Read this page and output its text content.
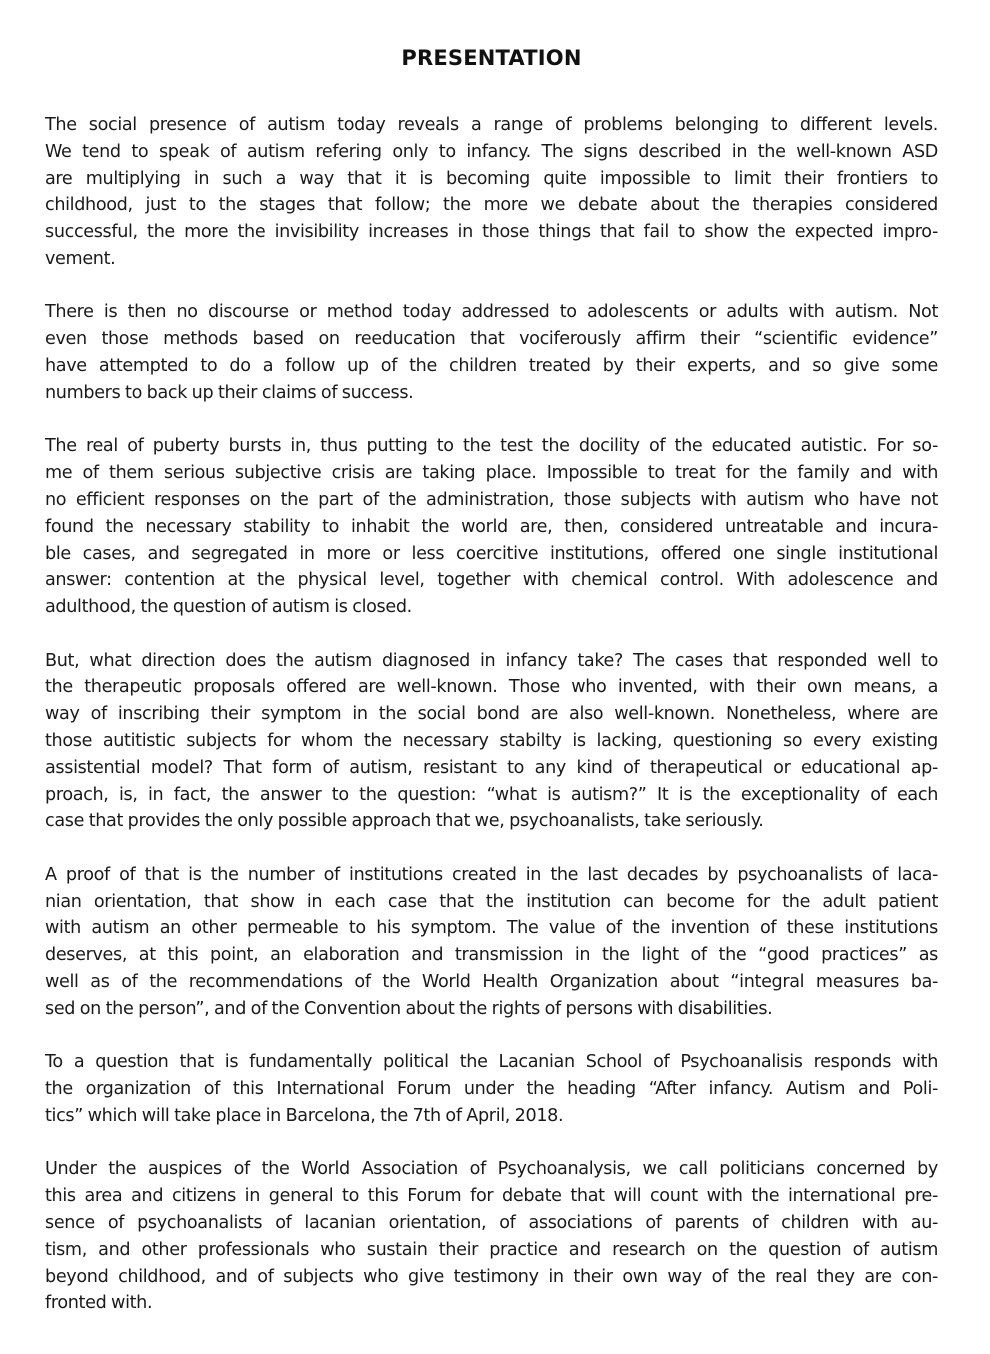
PRESENTATION
The social presence of autism today reveals a range of problems belonging to different levels.
We tend to speak of autism refering only to infancy. The signs described in the well-known ASD
are multiplying in such a way that it is becoming quite impossible to limit their frontiers to
childhood, just to the stages that follow; the more we debate about the therapies considered
successful, the more the invisibility increases in those things that fail to show the expected impro-
vement.
There is then no discourse or method today addressed to adolescents or adults with autism. Not
even those methods based on reeducation that vociferously affirm their “scientific evidence”
have attempted to do a follow up of the children treated by their experts, and so give some
numbers to back up their claims of success.
The real of puberty bursts in, thus putting to the test the docility of the educated autistic. For so-
me of them serious subjective crisis are taking place. Impossible to treat for the family and with
no efficient responses on the part of the administration, those subjects with autism who have not
found the necessary stability to inhabit the world are, then, considered untreatable and incura-
ble cases, and segregated in more or less coercitive institutions, offered one single institutional
answer: contention at the physical level, together with chemical control. With adolescence and
adulthood, the question of autism is closed.
But, what direction does the autism diagnosed in infancy take? The cases that responded well to
the therapeutic proposals offered are well-known. Those who invented, with their own means, a
way of inscribing their symptom in the social bond are also well-known. Nonetheless, where are
those autitistic subjects for whom the necessary stabilty is lacking, questioning so every existing
assistential model? That form of autism, resistant to any kind of therapeutical or educational ap-
proach, is, in fact, the answer to the question: “what is autism?” It is the exceptionality of each
case that provides the only possible approach that we, psychoanalists, take seriously.
A proof of that is the number of institutions created in the last decades by psychoanalists of laca-
nian orientation, that show in each case that the institution can become for the adult patient
with autism an other permeable to his symptom. The value of the invention of these institutions
deserves, at this point, an elaboration and transmission in the light of the “good practices” as
well as of the recommendations of the World Health Organization about “integral measures ba-
sed on the person”, and of the Convention about the rights of persons with disabilities.
To a question that is fundamentally political the Lacanian School of Psychoanalisis responds with
the organization of this International Forum under the heading “After infancy. Autism and Poli-
tics” which will take place in Barcelona, the 7th of April, 2018.
Under the auspices of the World Association of Psychoanalysis, we call politicians concerned by
this area and citizens in general to this Forum for debate that will count with the international pre-
sence of psychoanalists of lacanian orientation, of associations of parents of children with au-
tism, and other professionals who sustain their practice and research on the question of autism
beyond childhood, and of subjects who give testimony in their own way of the real they are con-
fronted with.
